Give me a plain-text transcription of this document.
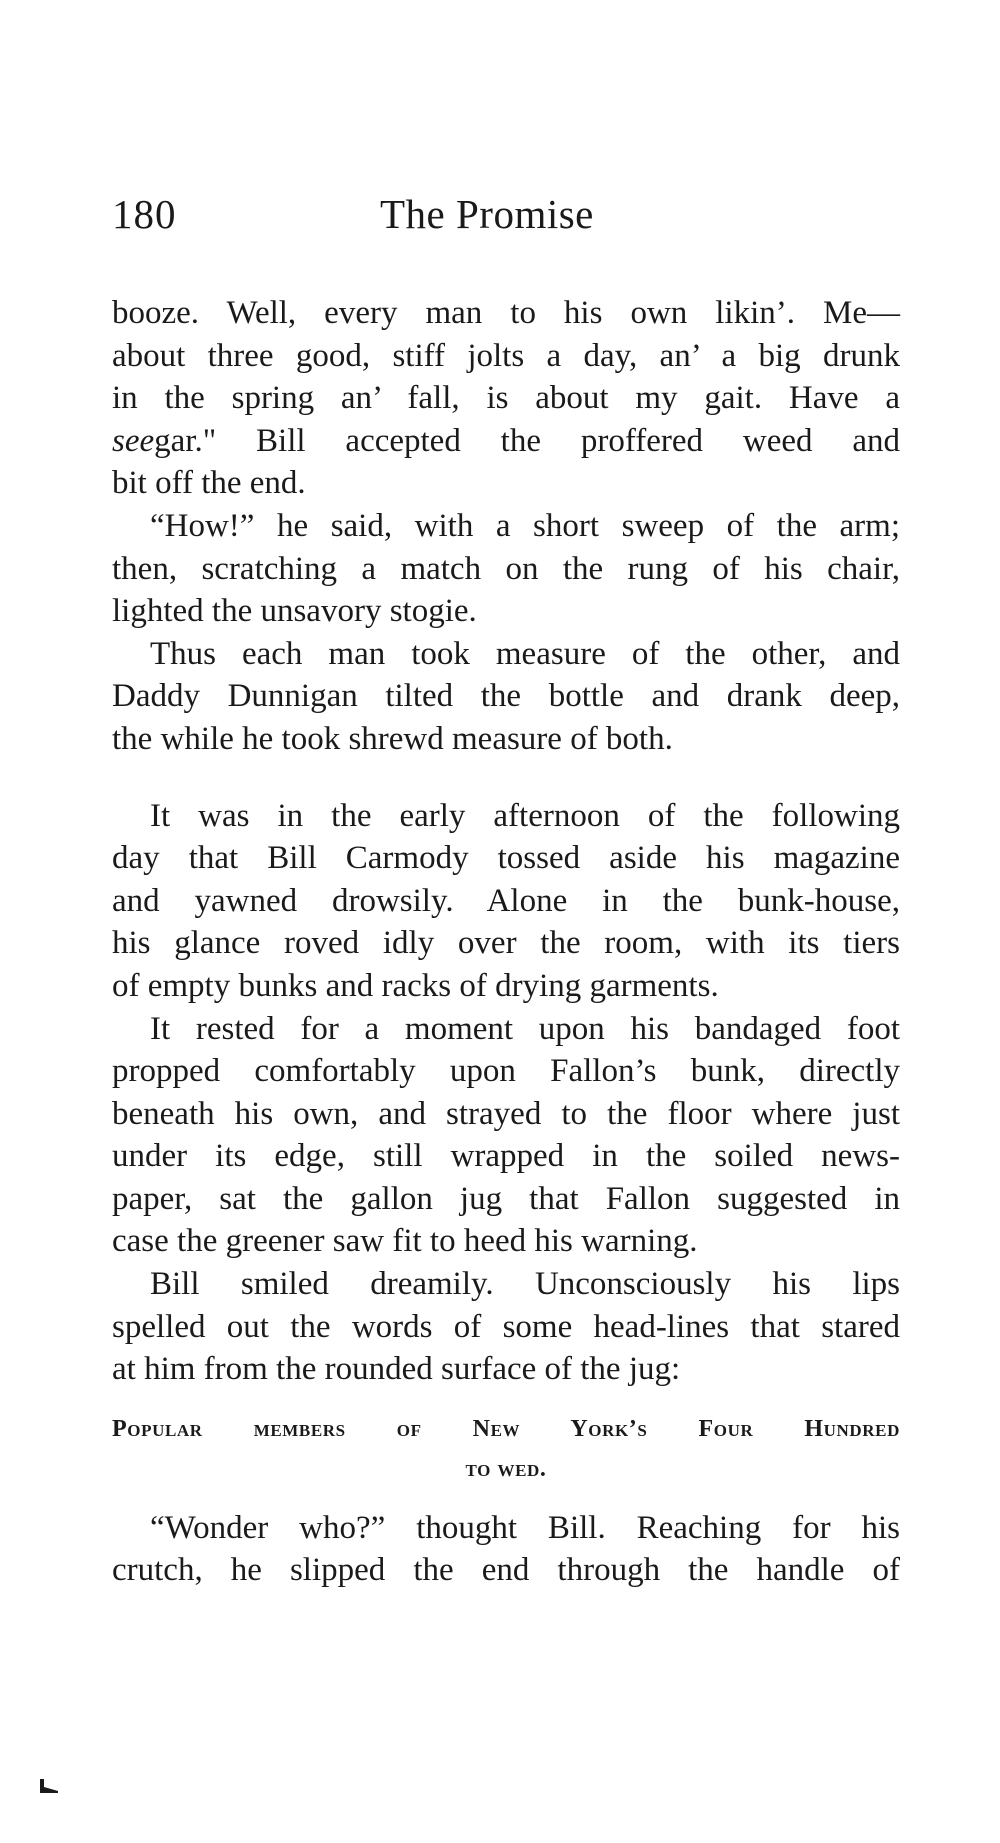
180	The Promise
booze. Well, every man to his own likin’. Me—
about three good, stiff jolts a day, an’ a big drunk
in the spring an’ fall, is about my gait. Have a
seegar." Bill accepted the proffered weed and
bit off the end.
“How!” he said, with a short sweep of the arm;
then, scratching a match on the rung of his chair,
lighted the unsavory stogie.
Thus each man took measure of the other, and
Daddy Dunnigan tilted the bottle and drank deep,
the while he took shrewd measure of both.
It was in the early afternoon of the following
day that Bill Carmody tossed aside his magazine
and yawned drowsily. Alone in the bunk-house,
his glance roved idly over the room, with its tiers
of empty bunks and racks of drying garments.
It rested for a moment upon his bandaged foot
propped comfortably upon Fallon’s bunk, directly
beneath his own, and strayed to the floor where just
under its edge, still wrapped in the soiled news-
paper, sat the gallon jug that Fallon suggested in
case the greener saw fit to heed his warning.
Bill smiled dreamily. Unconsciously his lips
spelled out the words of some head-lines that stared
at him from the rounded surface of the jug:
Popular members of New York’s Four Hundred
to wed.
“Wonder who?” thought Bill. Reaching for his
crutch, he slipped the end through the handle of
